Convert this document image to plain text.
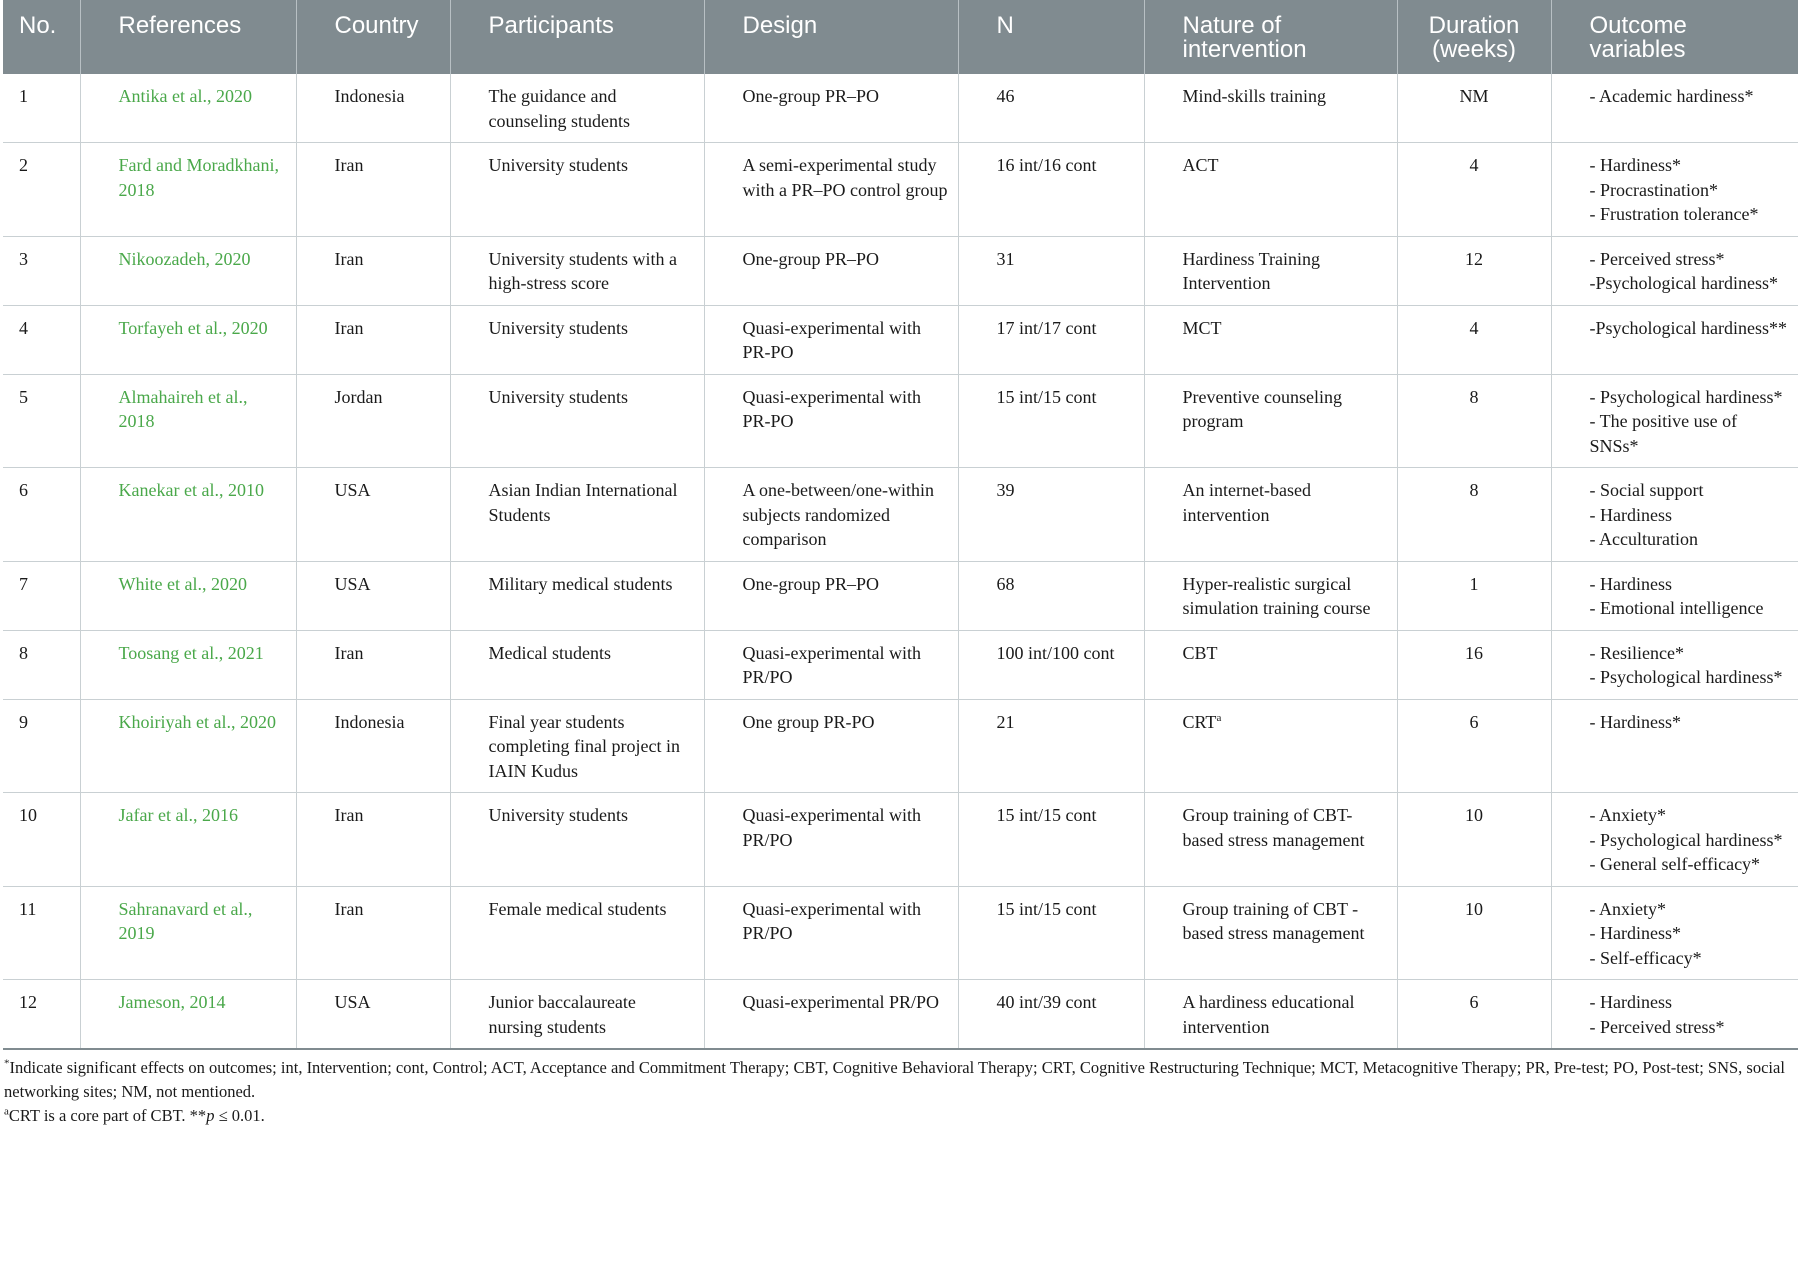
No.	References	Country	Participants	Design	N	Nature of intervention	Duration (weeks)	Outcome variables
1	Antika et al., 2020	Indonesia	The guidance and counseling students	One-group PR–PO	46	Mind-skills training	NM	- Academic hardiness*

2	Fard and Moradkhani, 2018	Iran	University students	A semi-experimental study with a PR–PO control group	16 int/16 cont	ACT	4	- Hardiness*
- Procrastination*
- Frustration tolerance*

3	Nikoozadeh, 2020	Iran	University students with a high-stress score	One-group PR–PO	31	Hardiness Training Intervention	12	- Perceived stress*
-Psychological hardiness*

4	Torfayeh et al., 2020	Iran	University students	Quasi-experimental with PR-PO	17 int/17 cont	MCT	4	-Psychological hardiness**

5	Almahaireh et al., 2018	Jordan	University students	Quasi-experimental with PR-PO	15 int/15 cont	Preventive counseling program	8	- Psychological hardiness*
- The positive use of SNSs*

6	Kanekar et al., 2010	USA	Asian Indian International Students	A one-between/one-within subjects randomized comparison	39	An internet-based intervention	8	- Social support
- Hardiness
- Acculturation

7	White et al., 2020	USA	Military medical students	One-group PR–PO	68	Hyper-realistic surgical simulation training course	1	- Hardiness
- Emotional intelligence

8	Toosang et al., 2021	Iran	Medical students	Quasi-experimental with PR/PO	100 int/100 cont	CBT	16	- Resilience*
- Psychological hardiness*

9	Khoiriyah et al., 2020	Indonesia	Final year students completing final project in IAIN Kudus	One group PR-PO	21	CRT$^a$	6	- Hardiness*

10	Jafar et al., 2016	Iran	University students	Quasi-experimental with PR/PO	15 int/15 cont	Group training of CBT-based stress management	10	- Anxiety*
- Psychological hardiness*
- General self-efficacy*

11	Sahranavard et al., 2019	Iran	Female medical students	Quasi-experimental with PR/PO	15 int/15 cont	Group training of CBT -based stress management	10	- Anxiety*
- Hardiness*
- Self-efficacy*

12	Jameson, 2014	USA	Junior baccalaureate nursing students	Quasi-experimental PR/PO	40 int/39 cont	A hardiness educational intervention	6	- Hardiness
- Perceived stress*
*Indicate significant effects on outcomes; int, Intervention; cont, Control; ACT, Acceptance and Commitment Therapy; CBT, Cognitive Behavioral Therapy; CRT, Cognitive Restructuring Technique; MCT, Metacognitive Therapy; PR, Pre-test; PO, Post-test; SNS, social networking sites; NM, not mentioned.
$^a$CRT is a core part of CBT. **p ≤ 0.01.
